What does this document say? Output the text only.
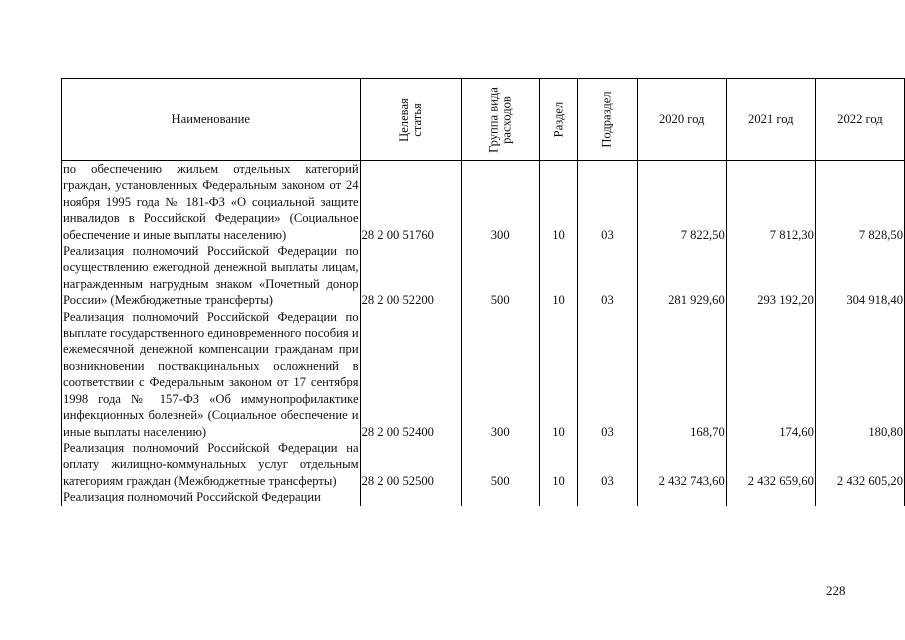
Наименование	Целевая статья	Группа вида расходов	Раздел	Подраздел	2020 год	2021 год	2022 год
по обеспечению жильем отдельных категорий граждан, установленных Федеральным законом от 24 ноября 1995 года № 181-ФЗ «О социальной защите инвалидов в Российской Федерации» (Социальное обеспечение и иные выплаты населению)	28 2 00 51760	300	10	03	7 822,50	7 812,30	7 828,50
Реализация полномочий Российской Федерации по осуществлению ежегодной денежной выплаты лицам, награжденным нагрудным знаком «Почетный донор России» (Межбюджетные трансферты)	28 2 00 52200	500	10	03	281 929,60	293 192,20	304 918,40
Реализация полномочий Российской Федерации по выплате государственного единовременного пособия и ежемесячной денежной компенсации гражданам при возникновении поствакцинальных осложнений в соответствии с Федеральным законом от 17 сентября 1998 года № 157-ФЗ «Об иммунопрофилактике инфекционных болезней» (Социальное обеспечение и иные выплаты населению)	28 2 00 52400	300	10	03	168,70	174,60	180,80
Реализация полномочий Российской Федерации на оплату жилищно-коммунальных услуг отдельным категориям граждан (Межбюджетные трансферты)	28 2 00 52500	500	10	03	2 432 743,60	2 432 659,60	2 432 605,20
Реализация полномочий Российской Федерации							
228
